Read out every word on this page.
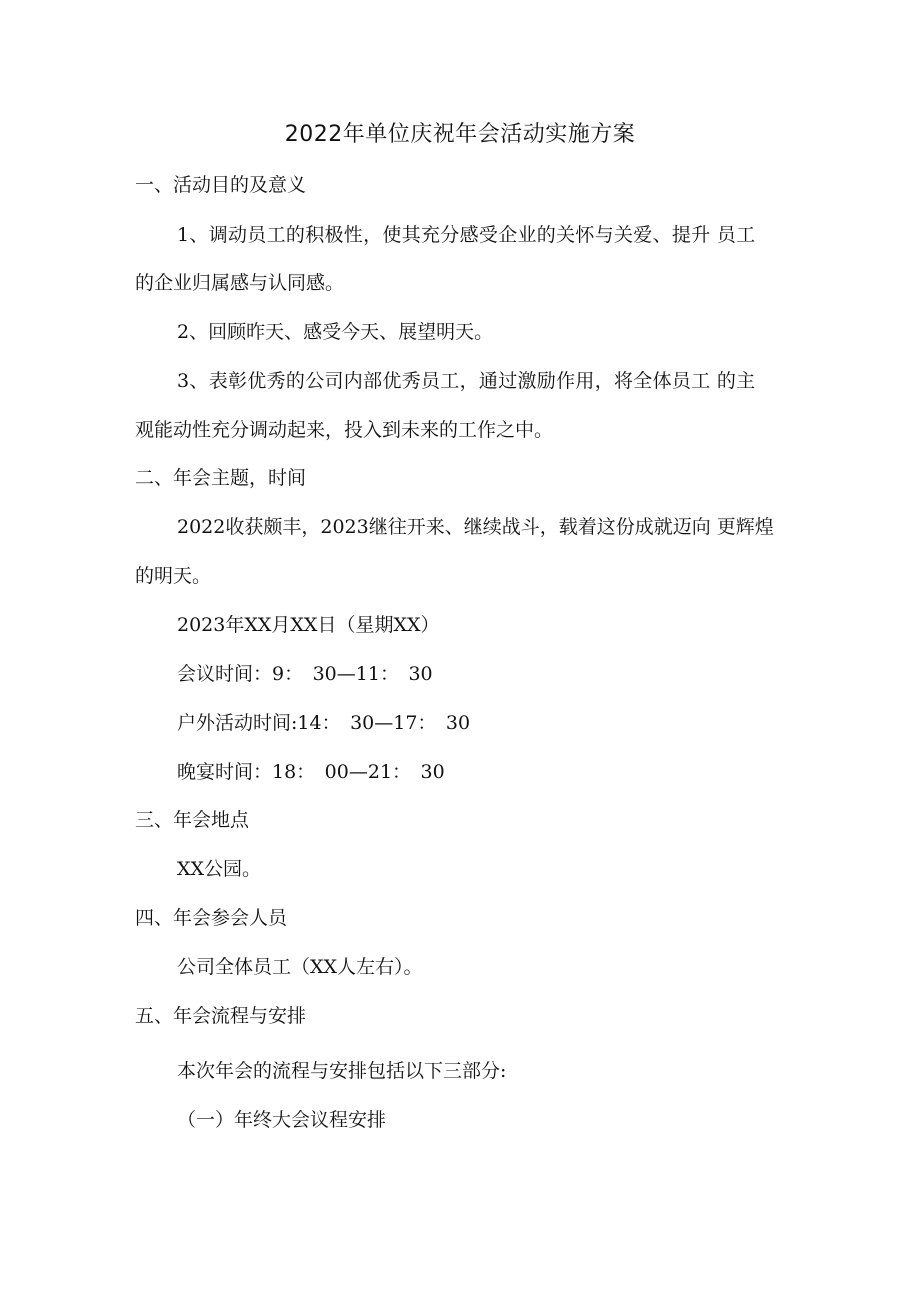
2022年单位庆祝年会活动实施方案
一、活动目的及意义
1、调动员工的积极性，使其充分感受企业的关怀与关爱、提升 员工
的企业归属感与认同感。
2、回顾昨天、感受今天、展望明天。
3、表彰优秀的公司内部优秀员工，通过激励作用，将全体员工 的主
观能动性充分调动起来，投入到未来的工作之中。
二、年会主题，时间
2022收获颇丰，2023继往开来、继续战斗，载着这份成就迈向 更辉煌
的明天。
2023年XX月XX日（星期XX）
会议时间：9：　30—11：　30
户外活动时间:14：　30—17：　30
晚宴时间：18：　00—21：　30
三、年会地点
XX公园。
四、年会参会人员
公司全体员工（XX人左右）。
五、年会流程与安排
本次年会的流程与安排包括以下三部分:
（一）年终大会议程安排
